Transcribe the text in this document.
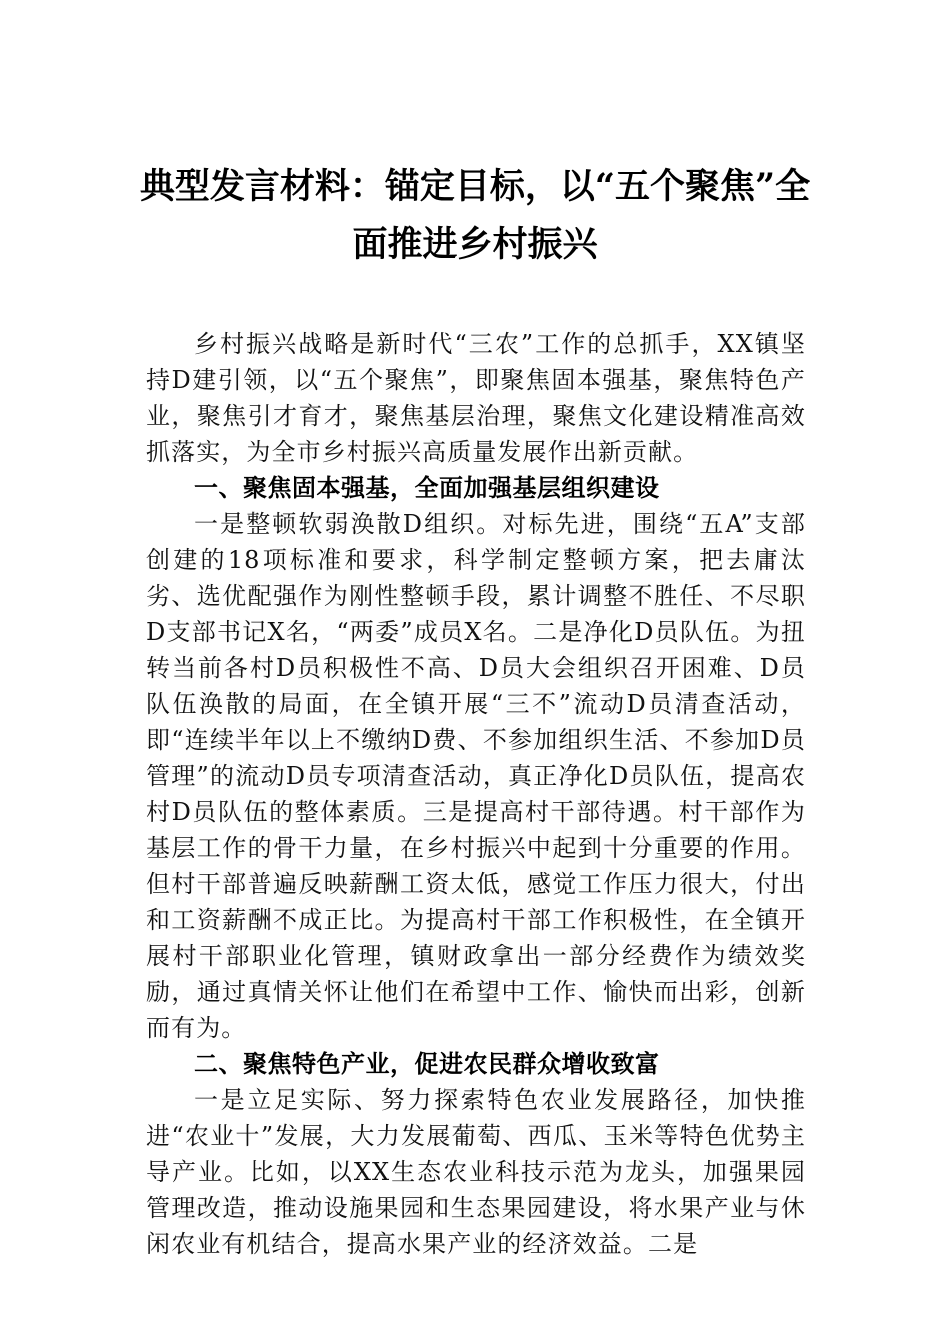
典型发言材料：锚定目标，以“五个聚焦”全面推进乡村振兴

乡村振兴战略是新时代“三农”工作的总抓手，XX镇坚持D建引领，以“五个聚焦”，即聚焦固本强基，聚焦特色产业，聚焦引才育才，聚焦基层治理，聚焦文化建设精准高效抓落实，为全市乡村振兴高质量发展作出新贡献。

一、聚焦固本强基，全面加强基层组织建设

一是整顿软弱涣散D组织。对标先进，围绕“五A”支部创建的18项标准和要求，科学制定整顿方案，把去庸汰劣、选优配强作为刚性整顿手段，累计调整不胜任、不尽职D支部书记X名，“两委”成员X名。二是净化D员队伍。为扭转当前各村D员积极性不高、D员大会组织召开困难、D员队伍涣散的局面，在全镇开展“三不”流动D员清查活动，即“连续半年以上不缴纳D费、不参加组织生活、不参加D员管理”的流动D员专项清查活动，真正净化D员队伍，提高农村D员队伍的整体素质。三是提高村干部待遇。村干部作为基层工作的骨干力量，在乡村振兴中起到十分重要的作用。但村干部普遍反映薪酬工资太低，感觉工作压力很大，付出和工资薪酬不成正比。为提高村干部工作积极性，在全镇开展村干部职业化管理，镇财政拿出一部分经费作为绩效奖励，通过真情关怀让他们在希望中工作、愉快而出彩，创新而有为。

二、聚焦特色产业，促进农民群众增收致富

一是立足实际、努力探索特色农业发展路径，加快推进“农业十”发展，大力发展葡萄、西瓜、玉米等特色优势主导产业。比如，以XX生态农业科技示范为龙头，加强果园管理改造，推动设施果园和生态果园建设，将水果产业与休闲农业有机结合，提高水果产业的经济效益。二是
